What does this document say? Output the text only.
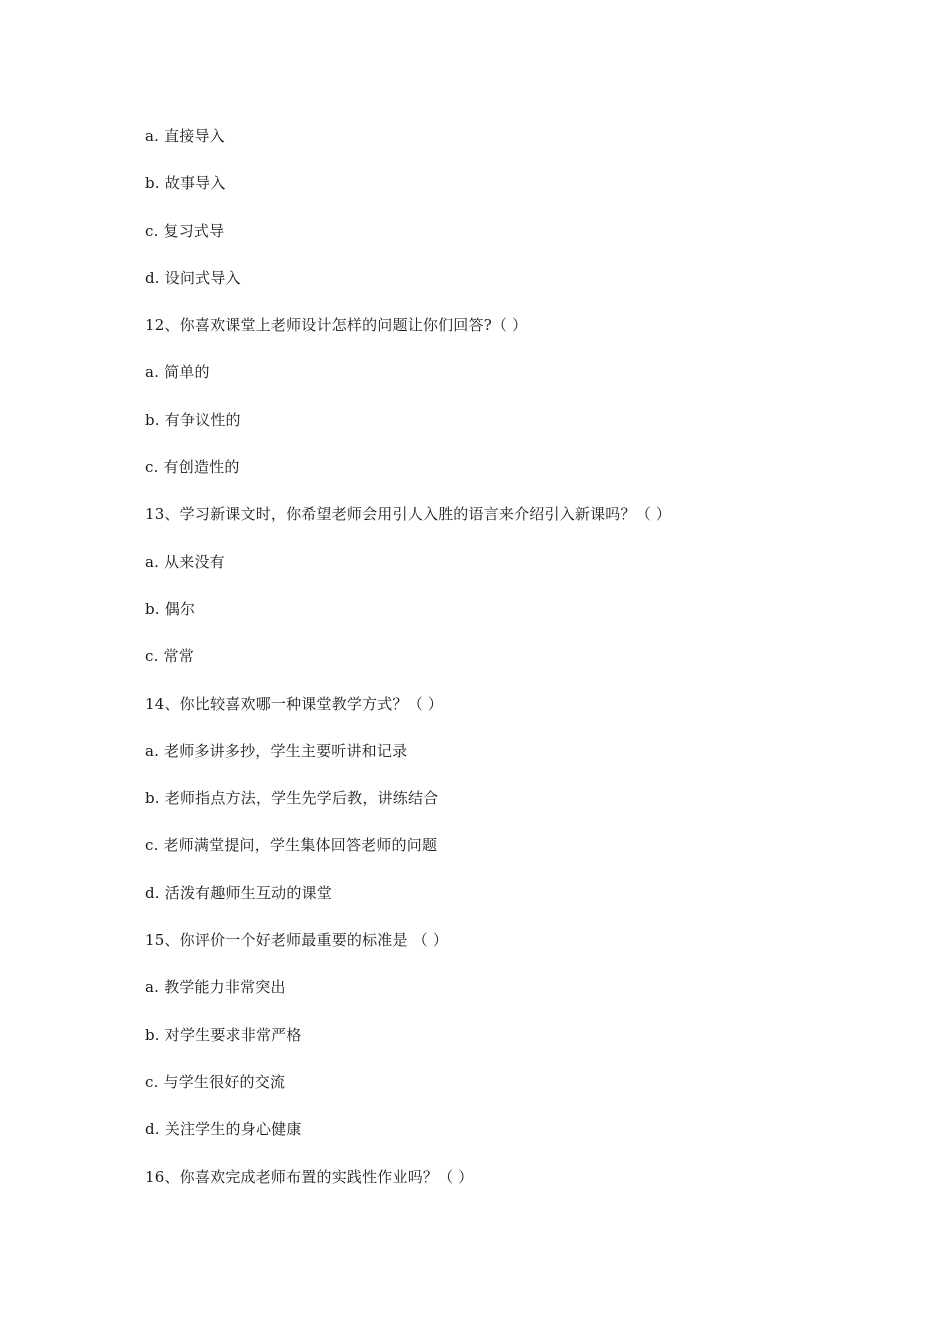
a. 直接导入
b. 故事导入
c. 复习式导
d. 设问式导入
12、你喜欢课堂上老师设计怎样的问题让你们回答?（ ）
a. 简单的
b. 有争议性的
c. 有创造性的
13、学习新课文时，你希望老师会用引人入胜的语言来介绍引入新课吗？（ ）
a. 从来没有
b. 偶尔
c. 常常
14、你比较喜欢哪一种课堂教学方式？（ ）
a. 老师多讲多抄，学生主要听讲和记录
b. 老师指点方法，学生先学后教，讲练结合
c. 老师满堂提问，学生集体回答老师的问题
d. 活泼有趣师生互动的课堂
15、你评价一个好老师最重要的标准是 （ ）
a. 教学能力非常突出
b. 对学生要求非常严格
c. 与学生很好的交流
d. 关注学生的身心健康
16、你喜欢完成老师布置的实践性作业吗？（ ）
